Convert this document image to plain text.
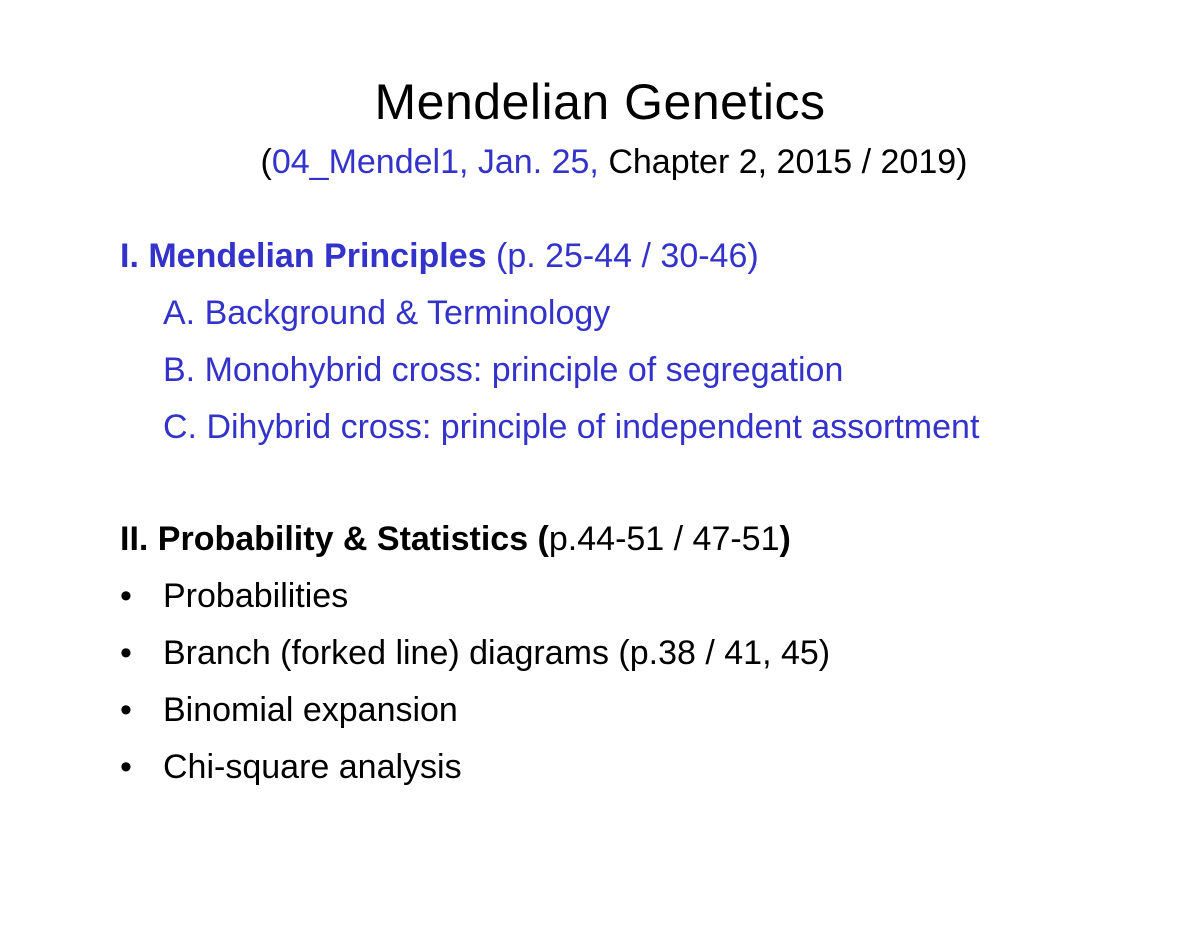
Mendelian Genetics
(04_Mendel1, Jan. 25, Chapter 2, 2015 / 2019)
I. Mendelian Principles (p. 25-44 / 30-46)
A. Background & Terminology
B. Monohybrid cross: principle of segregation
C. Dihybrid cross: principle of independent assortment
II. Probability & Statistics (p.44-51 / 47-51)
• Probabilities
• Branch (forked line) diagrams (p.38 / 41, 45)
• Binomial expansion
• Chi-square analysis
